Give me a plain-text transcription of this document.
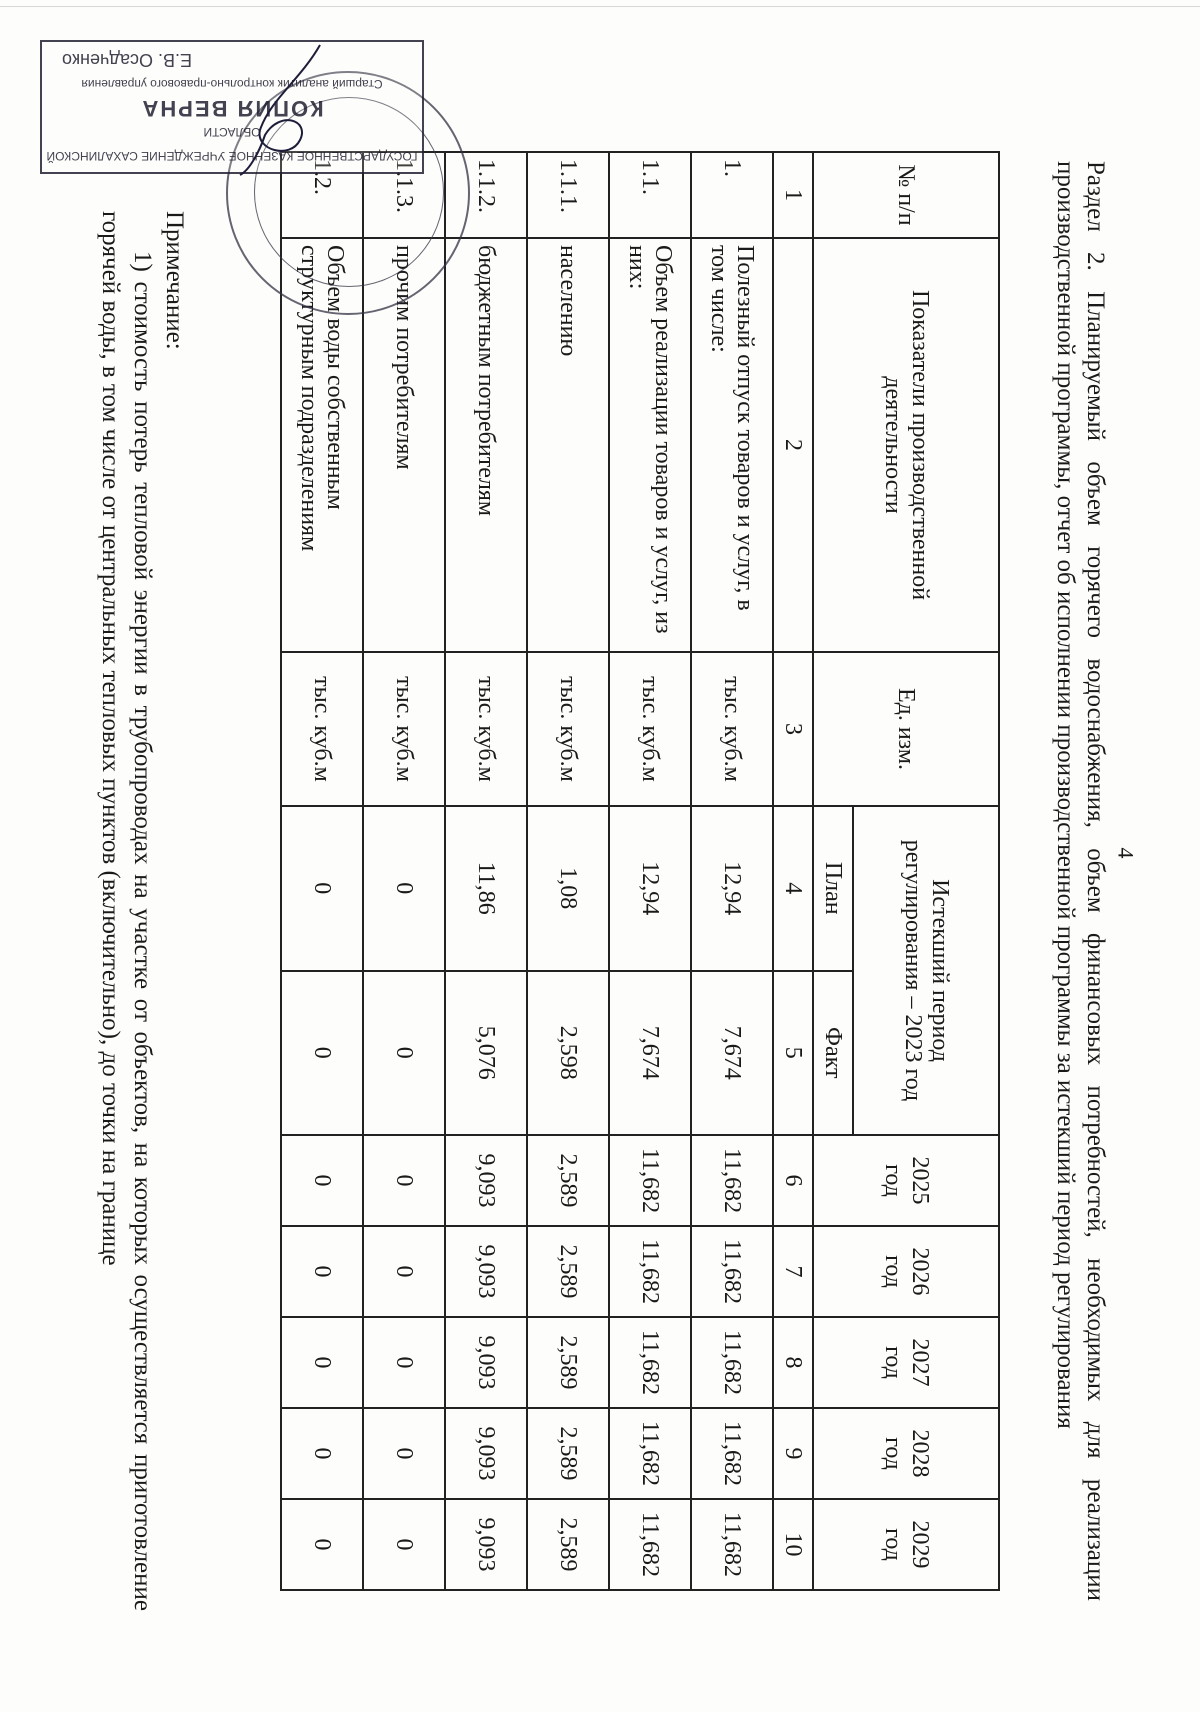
4
Раздел 2. Планируемый объем горячего водоснабжения, объем финансовых потребностей, необходимых для реализации производственной программы, отчет об исполнении производственной программы за истекший период регулирования
№ п/п	Показатели производственной деятельности	Ед. изм.	Истекший период регулирования – 2023 год		2025 год	2026 год	2027 год	2028 год	2029 год
			План	Факт					
1	2	3	4	5	6	7	8	9	10
1.	Полезный отпуск товаров и услуг, в том числе:	тыс. куб.м	12,94	7,674	11,682	11,682	11,682	11,682	11,682
1.1.	Объем реализации товаров и услуг, из них:	тыс. куб.м	12,94	7,674	11,682	11,682	11,682	11,682	11,682
1.1.1.	населению	тыс. куб.м	1,08	2,598	2,589	2,589	2,589	2,589	2,589
1.1.2.	бюджетным потребителям	тыс. куб.м	11,86	5,076	9,093	9,093	9,093	9,093	9,093
1.1.3.	прочим потребителям	тыс. куб.м	0	0	0	0	0	0	0
1.2.	Объем воды собственным структурным подразделениям	тыс. куб.м	0	0	0	0	0	0	0

Примечание:

1) стоимость потерь тепловой энергии в трубопроводах на участке от объектов, на которых осуществляется приготовление горячей воды, в том числе от центральных тепловых пунктов (включительно), до точки на границе

ГОСУДАРСТВЕННОЕ КАЗЕННОЕ УЧРЕЖДЕНИЕ САХАЛИНСКОЙ ОБЛАСТИ
КОПИЯ ВЕРНА
Старший аналитик контрольно-правового управления
Е.В. Осадченко
